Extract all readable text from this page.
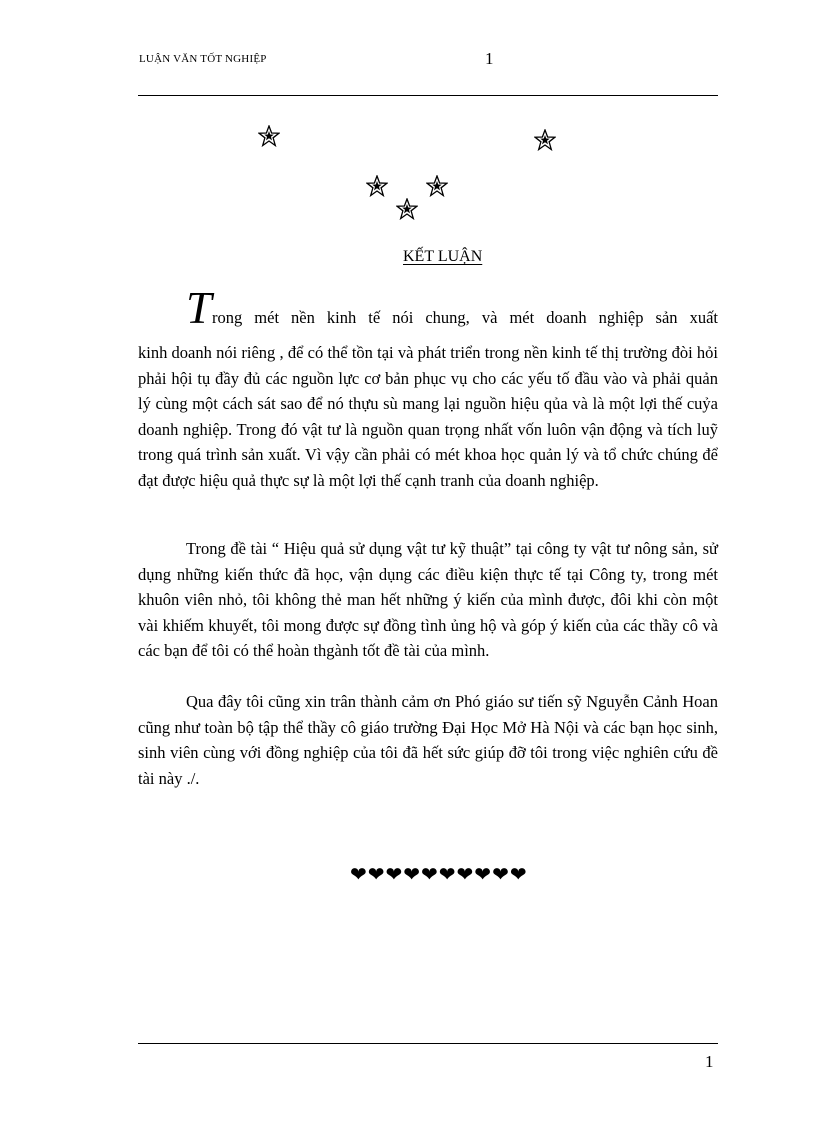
LUẬN VĂN TỐT NGHIỆP	1
KẾT LUẬN
T rong mét nền kinh tế nói chung, và mét doanh nghiệp sản xuất
kinh doanh nói riêng , để có thể tồn tại và phát triển trong nền kinh tế thị trường đòi hỏi phải hội tụ đầy đủ các nguồn lực cơ bản phục vụ cho các yếu tố đầu vào và phải quản lý cùng một cách sát sao để nó thựu sù mang lại nguồn hiệu qủa và là một lợi thế cuỷa doanh nghiệp. Trong đó vật tư là nguồn quan trọng nhất vốn luôn vận động và tích luỹ trong quá trình sản xuất. Vì vậy cần phải có mét khoa học quản lý và tổ chức chúng để đạt được hiệu quả thực sự là một lợi thế cạnh tranh của doanh nghiệp.
Trong đề tài “ Hiệu quả sử dụng vật tư kỹ thuật” tại công ty vật tư nông sản, sử dụng những kiến thức đã học, vận dụng các điều kiện thực tế tại Công ty, trong mét khuôn viên nhỏ, tôi không thẻ man hết những ý kiến của mình được, đôi khi còn một vài khiếm khuyết, tôi mong được sự đồng tình ủng hộ và góp ý kiến của các thầy cô và các bạn để tôi có thể hoàn thgành tốt đề tài của mình.
Qua đây tôi cũng xin trân thành cảm ơn Phó giáo sư tiến sỹ Nguyễn Cảnh Hoan cũng như toàn bộ tập thể thầy cô giáo trường Đại Học Mở Hà Nội và các bạn học sinh, sinh viên cùng với đồng nghiệp của tôi đã hết sức giúp đỡ tôi trong việc nghiên cứu đề tài này ./.
❤❤❤❤❤❤❤❤❤❤
1
